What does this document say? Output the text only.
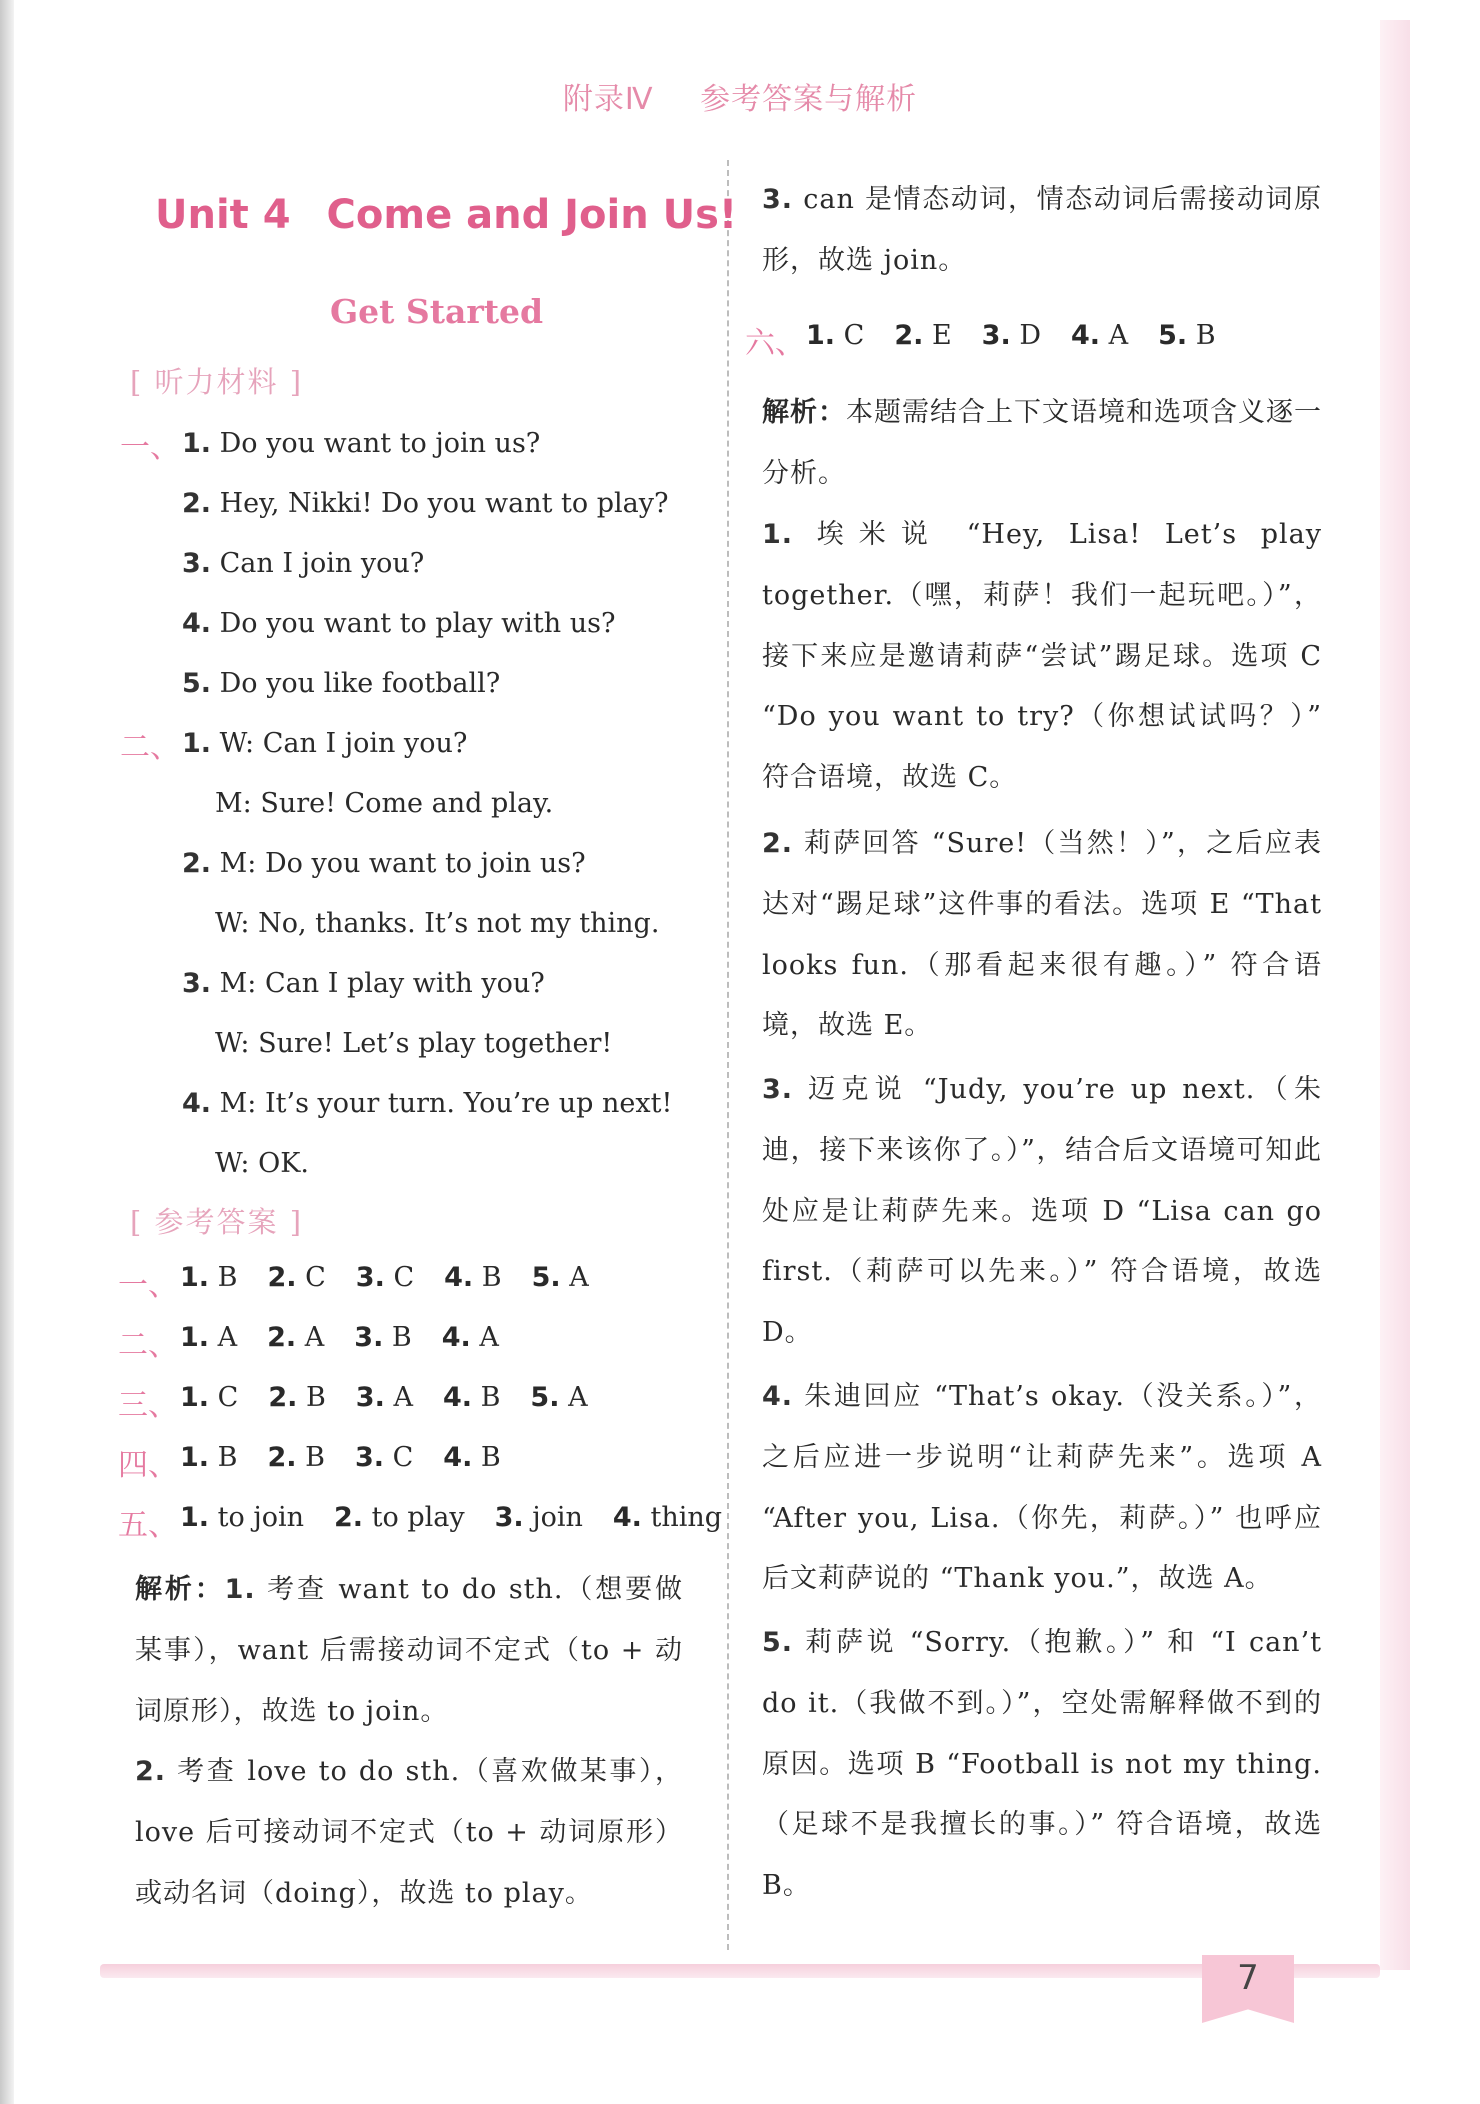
附录Ⅳ 参考答案与解析
Unit 4 Come and Join Us!
Get Started
[ 听力材料 ]
一、 1. Do you want to join us?
2. Hey, Nikki! Do you want to play?
3. Can I join you?
4. Do you want to play with us?
5. Do you like football?
二、 1. W: Can I join you?
M: Sure! Come and play.
2. M: Do you want to join us?
W: No, thanks. It’s not my thing.
3. M: Can I play with you?
W: Sure! Let’s play together!
4. M: It’s your turn. You’re up next!
W: OK.
[ 参考答案 ]
一、 1. B 2. C 3. C 4. B 5. A
二、 1. A 2. A 3. B 4. A
三、 1. C 2. B 3. A 4. B 5. A
四、 1. B 2. B 3. C 4. B
五、 1. to join 2. to play 3. join 4. thing
解析：1. 考查 want to do sth.（想要做某事），want 后需接动词不定式（to + 动词原形），故选 to join。
2. 考查 love to do sth.（喜欢做某事），love 后可接动词不定式（to + 动词原形）或动名词（doing），故选 to play。
3. can 是情态动词，情态动词后需接动词原形，故选 join。
六、 1. C 2. E 3. D 4. A 5. B
解析：本题需结合上下文语境和选项含义逐一分析。
1. 埃米说 “Hey, Lisa! Let’s play together.（嘿，莉萨！我们一起玩吧。）”，接下来应是邀请莉萨“尝试”踢足球。选项 C “Do you want to try?（你想试试吗？）” 符合语境，故选 C。
2. 莉萨回答 “Sure!（当然！）”，之后应表达对“踢足球”这件事的看法。选项 E “That looks fun.（那看起来很有趣。）” 符合语境，故选 E。
3. 迈克说 “Judy, you’re up next.（朱迪，接下来该你了。）”，结合后文语境可知此处应是让莉萨先来。选项 D “Lisa can go first.（莉萨可以先来。）” 符合语境，故选 D。
4. 朱迪回应 “That’s okay.（没关系。）”，之后应进一步说明“让莉萨先来”。选项 A “After you, Lisa.（你先，莉萨。）” 也呼应后文莉萨说的 “Thank you.”，故选 A。
5. 莉萨说 “Sorry.（抱歉。）” 和 “I can’t do it.（我做不到。）”，空处需解释做不到的原因。选项 B “Football is not my thing.（足球不是我擅长的事。）” 符合语境，故选 B。
7
